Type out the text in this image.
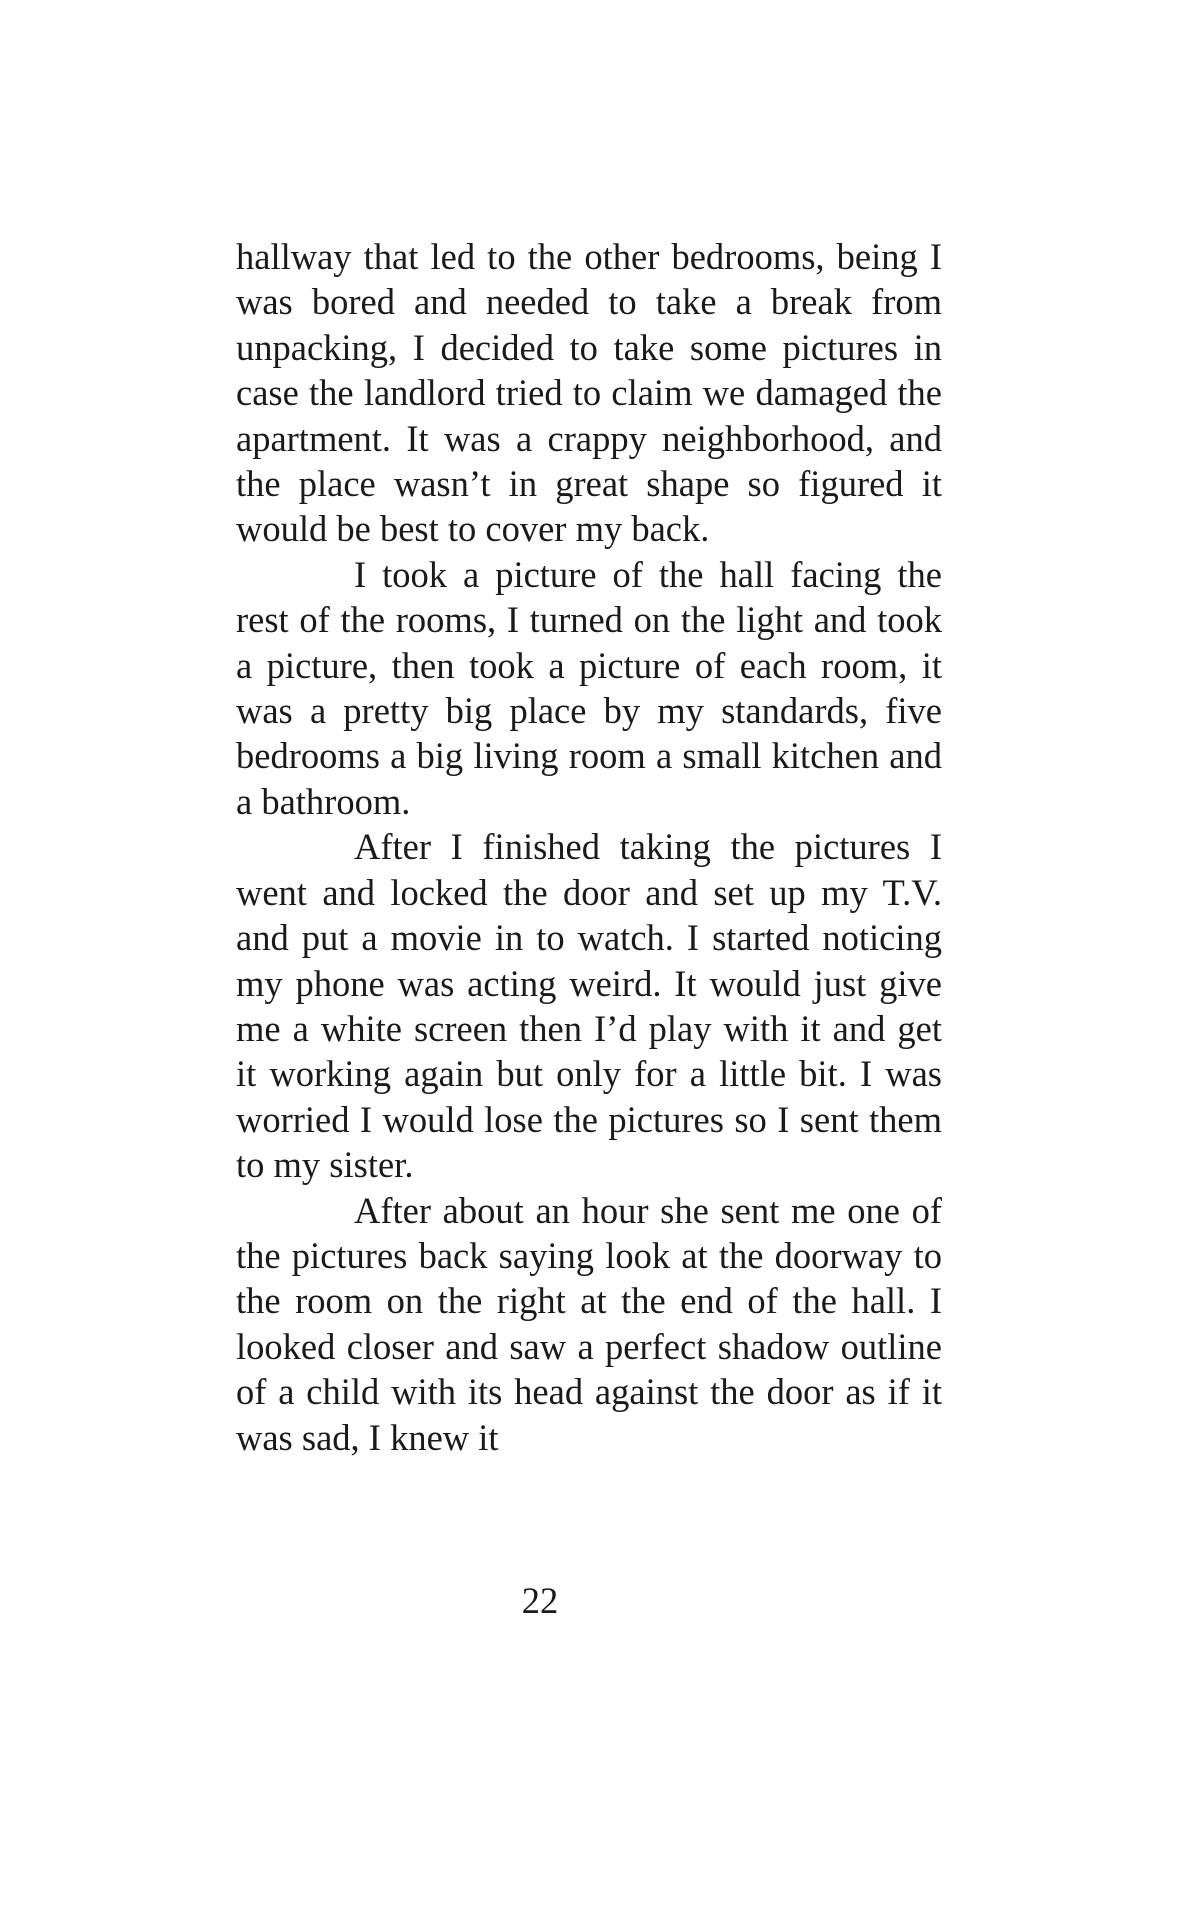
hallway that led to the other bedrooms, being I was bored and needed to take a break from unpacking, I decided to take some pictures in case the landlord tried to claim we damaged the apartment. It was a crappy neighborhood, and the place wasn’t in great shape so figured it would be best to cover my back.

I took a picture of the hall facing the rest of the rooms, I turned on the light and took a picture, then took a picture of each room, it was a pretty big place by my standards, five bedrooms a big living room a small kitchen and a bathroom.

After I finished taking the pictures I went and locked the door and set up my T.V. and put a movie in to watch. I started noticing my phone was acting weird. It would just give me a white screen then I’d play with it and get it working again but only for a little bit. I was worried I would lose the pictures so I sent them to my sister.

After about an hour she sent me one of the pictures back saying look at the doorway to the room on the right at the end of the hall. I looked closer and saw a perfect shadow outline of a child with its head against the door as if it was sad, I knew it

22
